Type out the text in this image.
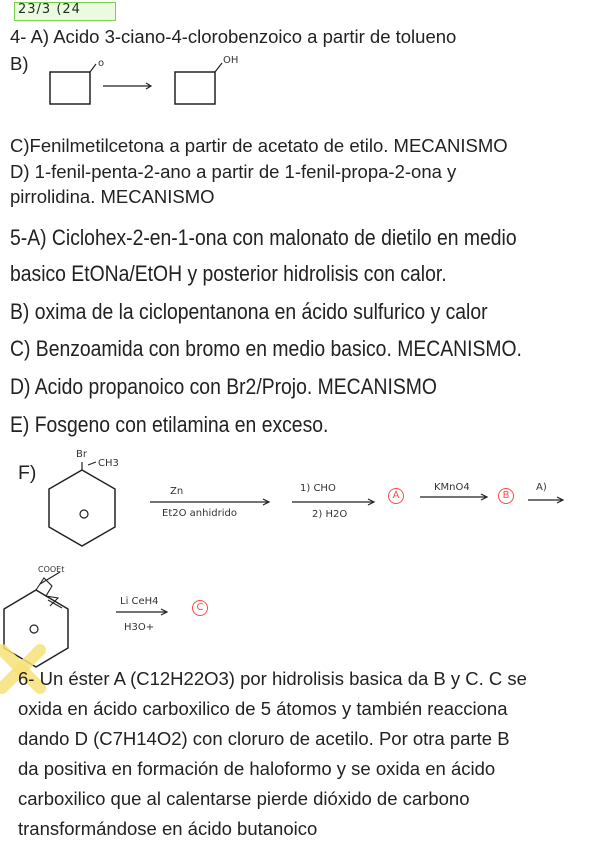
23/3 (24
4- A) Acido 3-ciano-4-clorobenzoico a partir de tolueno
B)	o	OH
C)Fenilmetilcetona a partir de acetato de etilo. MECANISMO
D) 1-fenil-penta-2-ano a partir de 1-fenil-propa-2-ona y
pirrolidina. MECANISMO
5-A) Ciclohex-2-en-1-ona con malonato de dietilo en medio
basico EtONa/EtOH y posterior hidrolisis con calor.
B) oxima de la ciclopentanona en ácido sulfurico y calor
C) Benzoamida con bromo en medio basico. MECANISMO.
D) Acido propanoico con Br2/Projo. MECANISMO
E) Fosgeno con etilamina en exceso.
F)
Br
CH3
Zn
Et2O anhidrido
1) CHO
2) H2O
A
KMnO4
B
A)
COOEt
Li CeH4
H3O+
C
6- Un éster A (C12H22O3) por hidrolisis basica da B y C. C se
oxida en ácido carboxilico de 5 átomos y también reacciona
dando D (C7H14O2) con cloruro de acetilo. Por otra parte B
da positiva en formación de haloformo y se oxida en ácido
carboxilico que al calentarse pierde dióxido de carbono
transformándose en ácido butanoico
